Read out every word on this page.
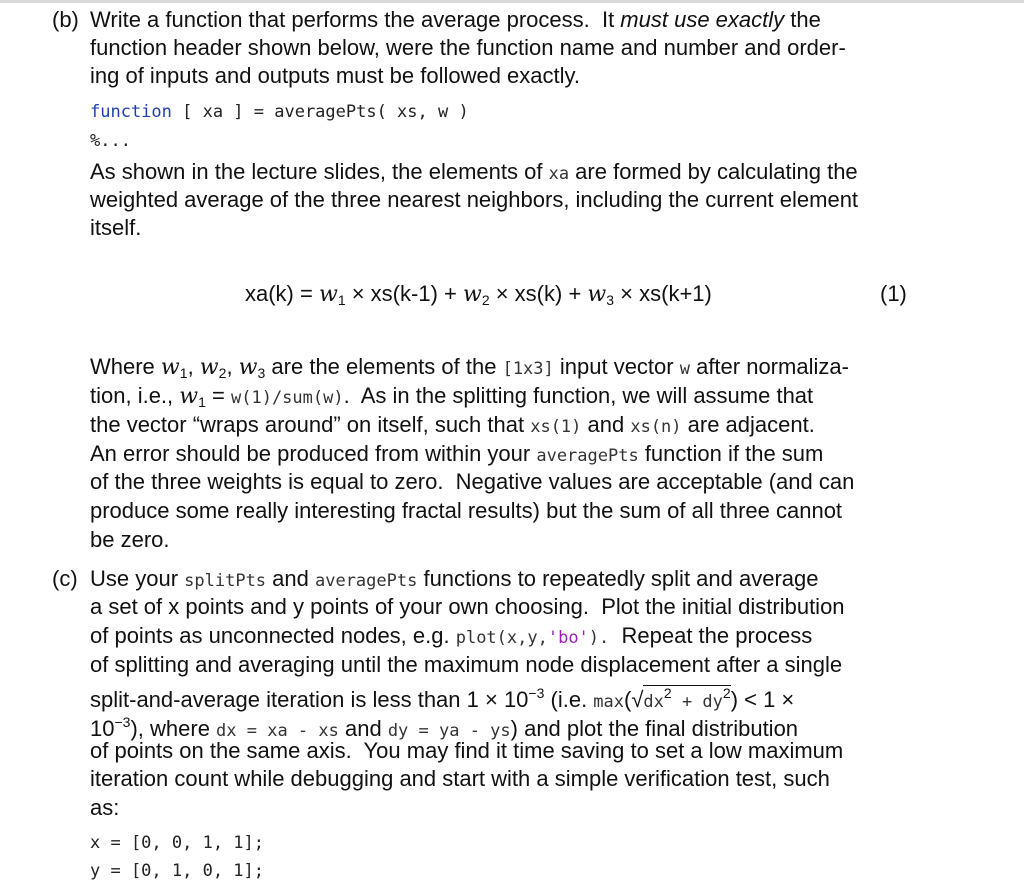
(b) Write a function that performs the average process.  It must use exactly the
function header shown below, were the function name and number and order-
ing of inputs and outputs must be followed exactly.
function [ xa ] = averagePts( xs, w )
%...
As shown in the lecture slides, the elements of xa are formed by calculating the
weighted average of the three nearest neighbors, including the current element
itself.
$xa(k) = w_1 \times xs(k-1) + w_2 \times xs(k) + w_3 \times xs(k+1)$	(1)
Where $w_1$, $w_2$, $w_3$ are the elements of the [1x3] input vector w after normaliza-
tion, i.e., $w_1 = w(1)/sum(w)$.  As in the splitting function, we will assume that
the vector “wraps around” on itself, such that xs(1) and xs(n) are adjacent.
An error should be produced from within your averagePts function if the sum
of the three weights is equal to zero.  Negative values are acceptable (and can
produce some really interesting fractal results) but the sum of all three cannot
be zero.
(c) Use your splitPts and averagePts functions to repeatedly split and average
a set of x points and y points of your own choosing.  Plot the initial distribution
of points as unconnected nodes, e.g. plot(x,y,'bo').  Repeat the process
of splitting and averaging until the maximum node displacement after a single
split-and-average iteration is less than $1 \times 10^{-3}$ (i.e. $\max(√dx^2 + dy^2) < 1$ ×
$10^{-3}$), where dx = xa - xs and dy = ya - ys) and plot the final distribution
of points on the same axis.  You may find it time saving to set a low maximum
iteration count while debugging and start with a simple verification test, such
as:
x = [0, 0, 1, 1];
y = [0, 1, 0, 1];
